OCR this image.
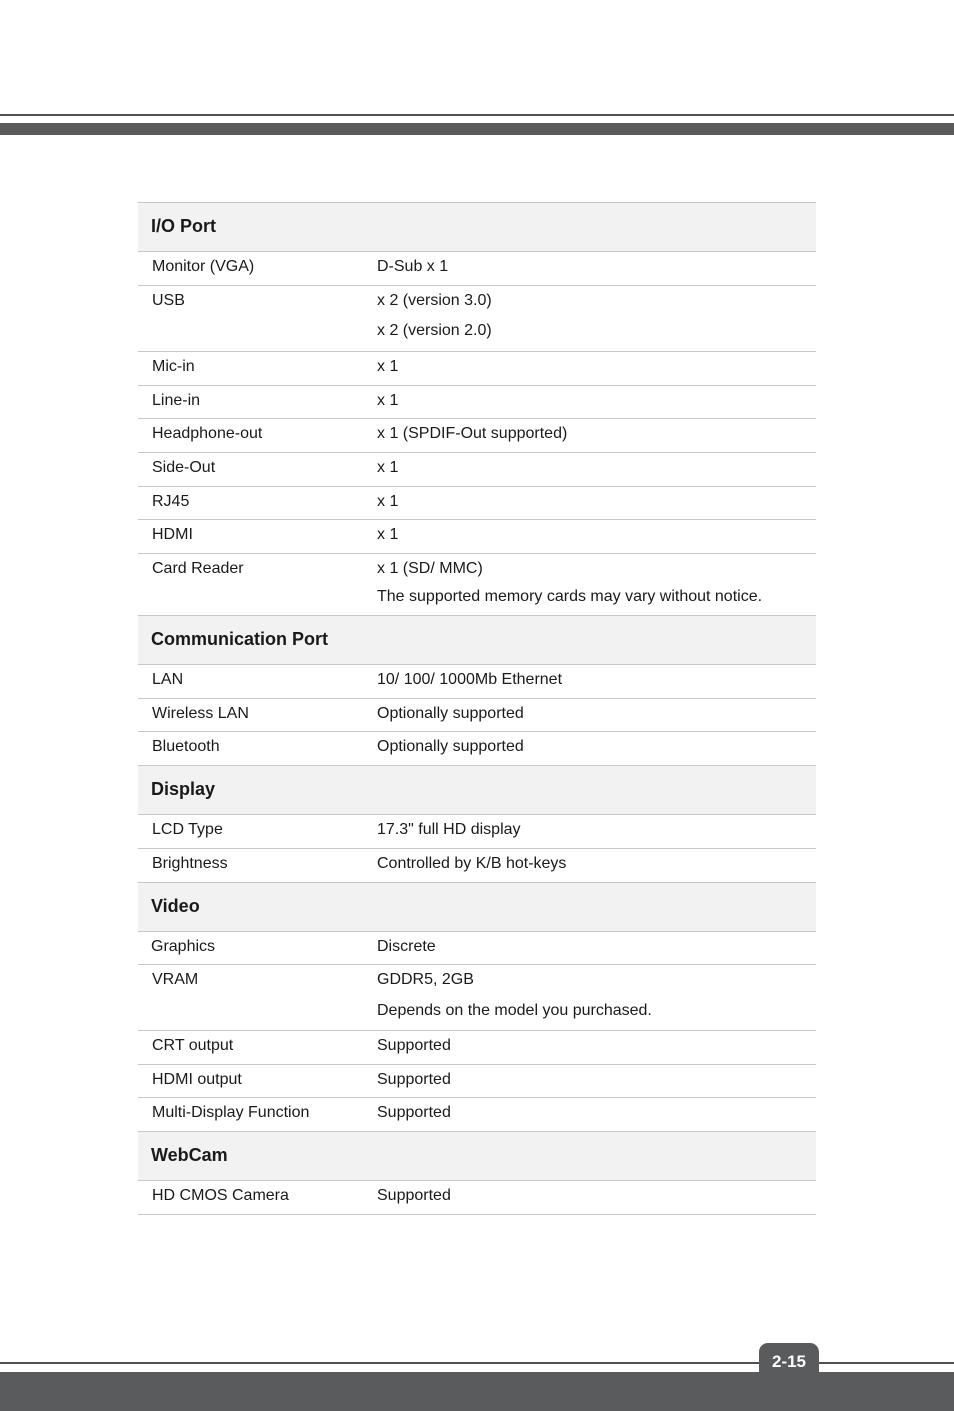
I/O Port
Monitor (VGA)	D-Sub x 1
USB	x 2 (version 3.0)
x 2 (version 2.0)
Mic-in	x 1
Line-in	x 1
Headphone-out	x 1 (SPDIF-Out supported)
Side-Out	x 1
RJ45	x 1
HDMI	x 1
Card Reader	x 1 (SD/ MMC)
The supported memory cards may vary without notice.
Communication Port
LAN	10/ 100/ 1000Mb Ethernet
Wireless LAN	Optionally supported
Bluetooth	Optionally supported
Display
LCD Type	17.3" full HD display
Brightness	Controlled by K/B hot-keys
Video
Graphics	Discrete
VRAM	GDDR5, 2GB
Depends on the model you purchased.
CRT output	Supported
HDMI output	Supported
Multi-Display Function	Supported
WebCam
HD CMOS Camera	Supported
2-15
